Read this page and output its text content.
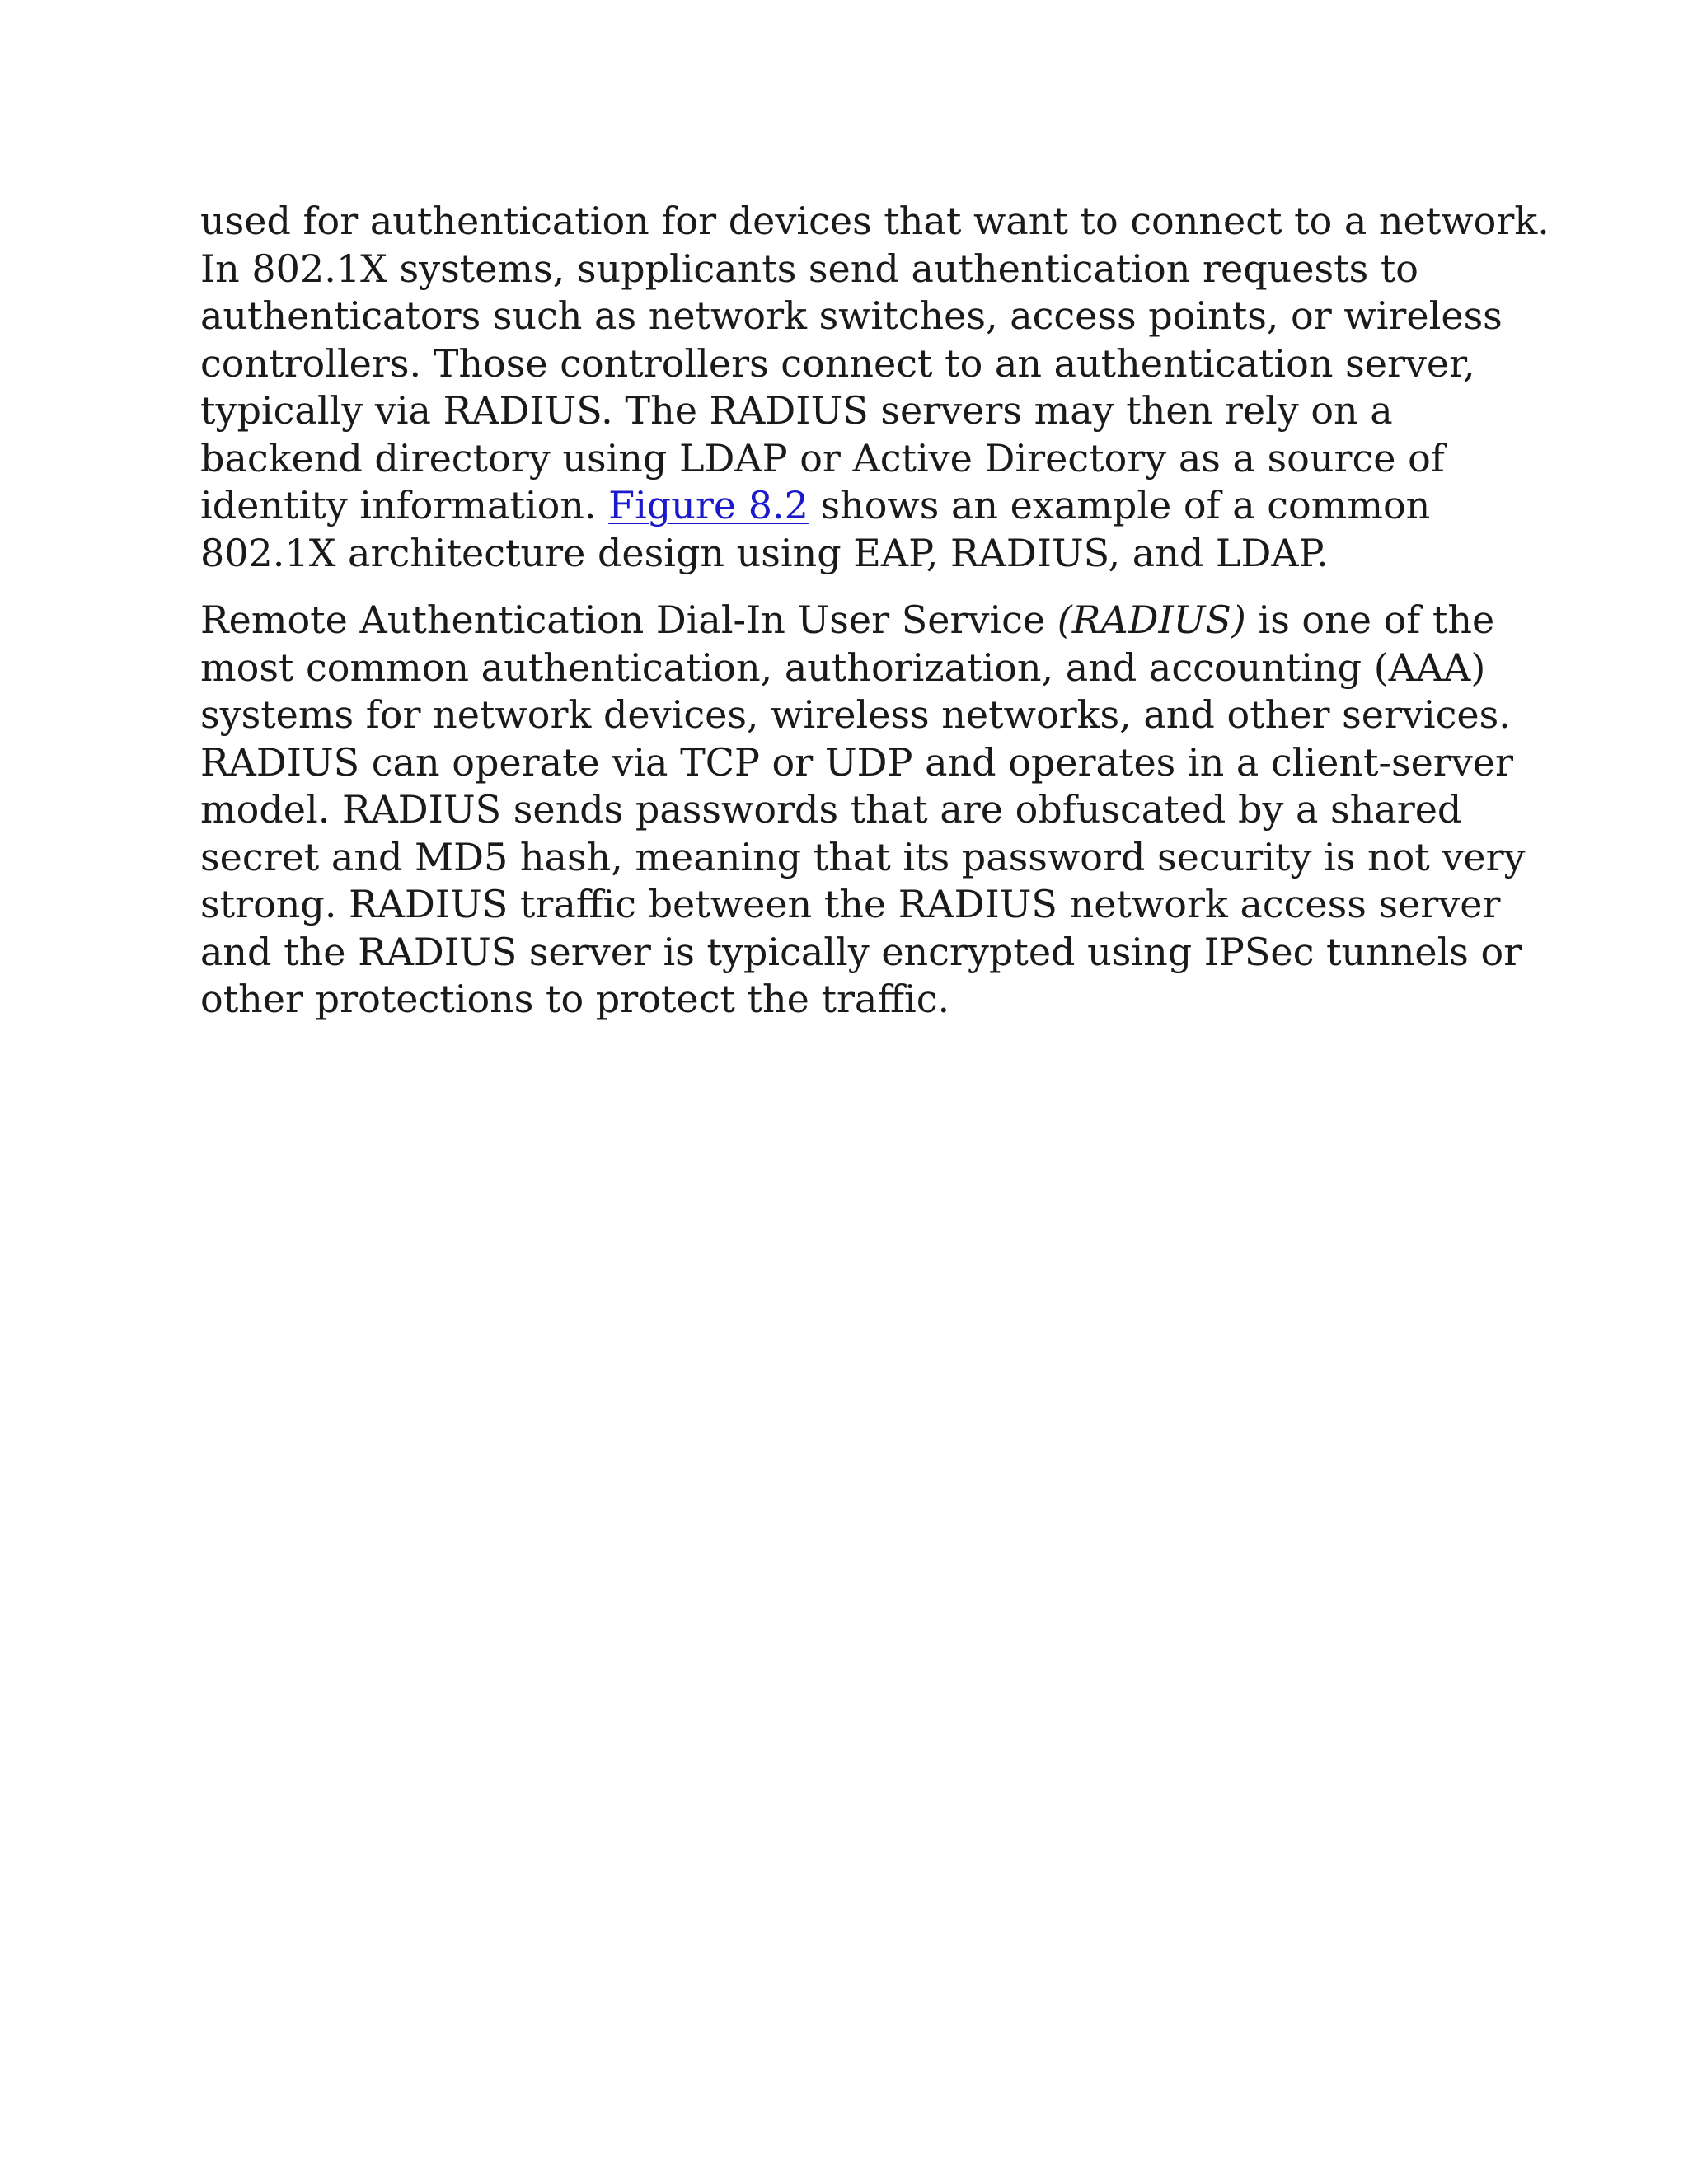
used for authentication for devices that want to connect to a network.
In 802.1X systems, supplicants send authentication requests to
authenticators such as network switches, access points, or wireless
controllers. Those controllers connect to an authentication server,
typically via RADIUS. The RADIUS servers may then rely on a
backend directory using LDAP or Active Directory as a source of
identity information. Figure 8.2 shows an example of a common
802.1X architecture design using EAP, RADIUS, and LDAP.

Remote Authentication Dial-In User Service (RADIUS) is one of the
most common authentication, authorization, and accounting (AAA)
systems for network devices, wireless networks, and other services.
RADIUS can operate via TCP or UDP and operates in a client-server
model. RADIUS sends passwords that are obfuscated by a shared
secret and MD5 hash, meaning that its password security is not very
strong. RADIUS traffic between the RADIUS network access server
and the RADIUS server is typically encrypted using IPSec tunnels or
other protections to protect the traffic.
